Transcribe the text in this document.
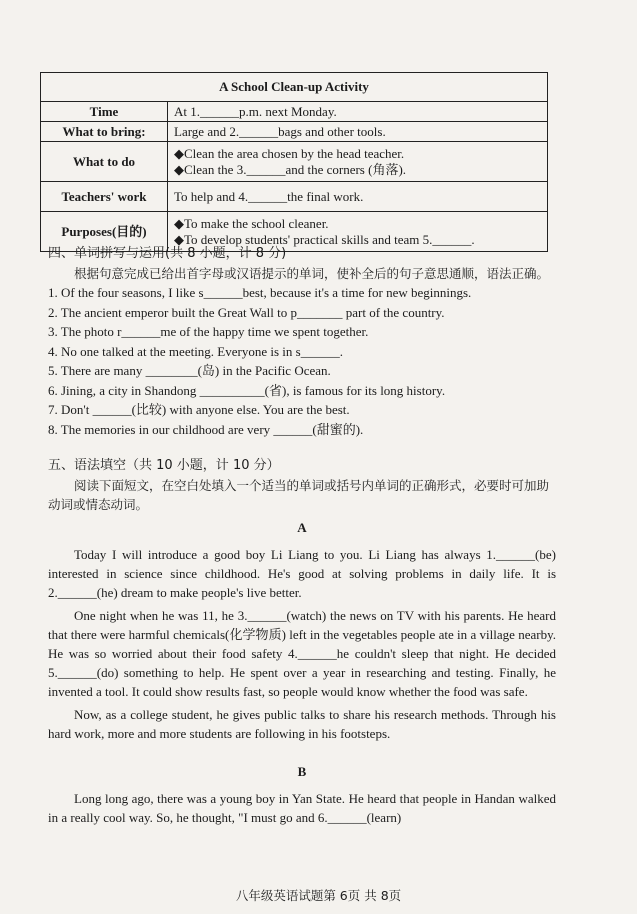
A School Clean-up Activity	
Time	At 1.______p.m. next Monday.
What to bring:	Large and 2.______bags and other tools.
What to do	◆Clean the area chosen by the head teacher.
◆Clean the 3.______and the corners (角落).

Teachers' work	To help and 4.______the final work.
Purposes(目的)	◆To make the school cleaner.
◆To develop students' practical skills and team 5.______.
四、单词拼写与运用(共 8 小题，计 8 分)
根据句意完成已给出首字母或汉语提示的单词，使补全后的句子意思通顺，语法正确。
1. Of the four seasons, I like s______best, because it's a time for new beginnings.
2. The ancient emperor built the Great Wall to p_______ part of the country.
3. The photo r______me of the happy time we spent together.
4. No one talked at the meeting. Everyone is in s______.
5. There are many ________(岛) in the Pacific Ocean.
6. Jining, a city in Shandong __________(省), is famous for its long history.
7. Don't ______(比较) with anyone else. You are the best.
8. The memories in our childhood are very ______(甜蜜的).
五、语法填空（共 10 小题，计 10 分）
阅读下面短文，在空白处填入一个适当的单词或括号内单词的正确形式，必要时可加助动词或情态动词。
A
Today I will introduce a good boy Li Liang to you. Li Liang has always 1.______(be) interested in science since childhood. He's good at solving problems in daily life. It is 2.______(he) dream to make people's live better.
One night when he was 11, he 3.______(watch) the news on TV with his parents. He heard that there were harmful chemicals(化学物质) left in the vegetables people ate in a village nearby. He was so worried about their food safety 4.______he couldn't sleep that night. He decided 5.______(do) something to help. He spent over a year in researching and testing. Finally, he invented a tool. It could show results fast, so people would know whether the food was safe.
Now, as a college student, he gives public talks to share his research methods. Through his hard work, more and more students are following in his footsteps.
B
Long long ago, there was a young boy in Yan State. He heard that people in Handan walked in a really cool way. So, he thought, "I must go and 6.______(learn)
八年级英语试题第 6页 共 8页
